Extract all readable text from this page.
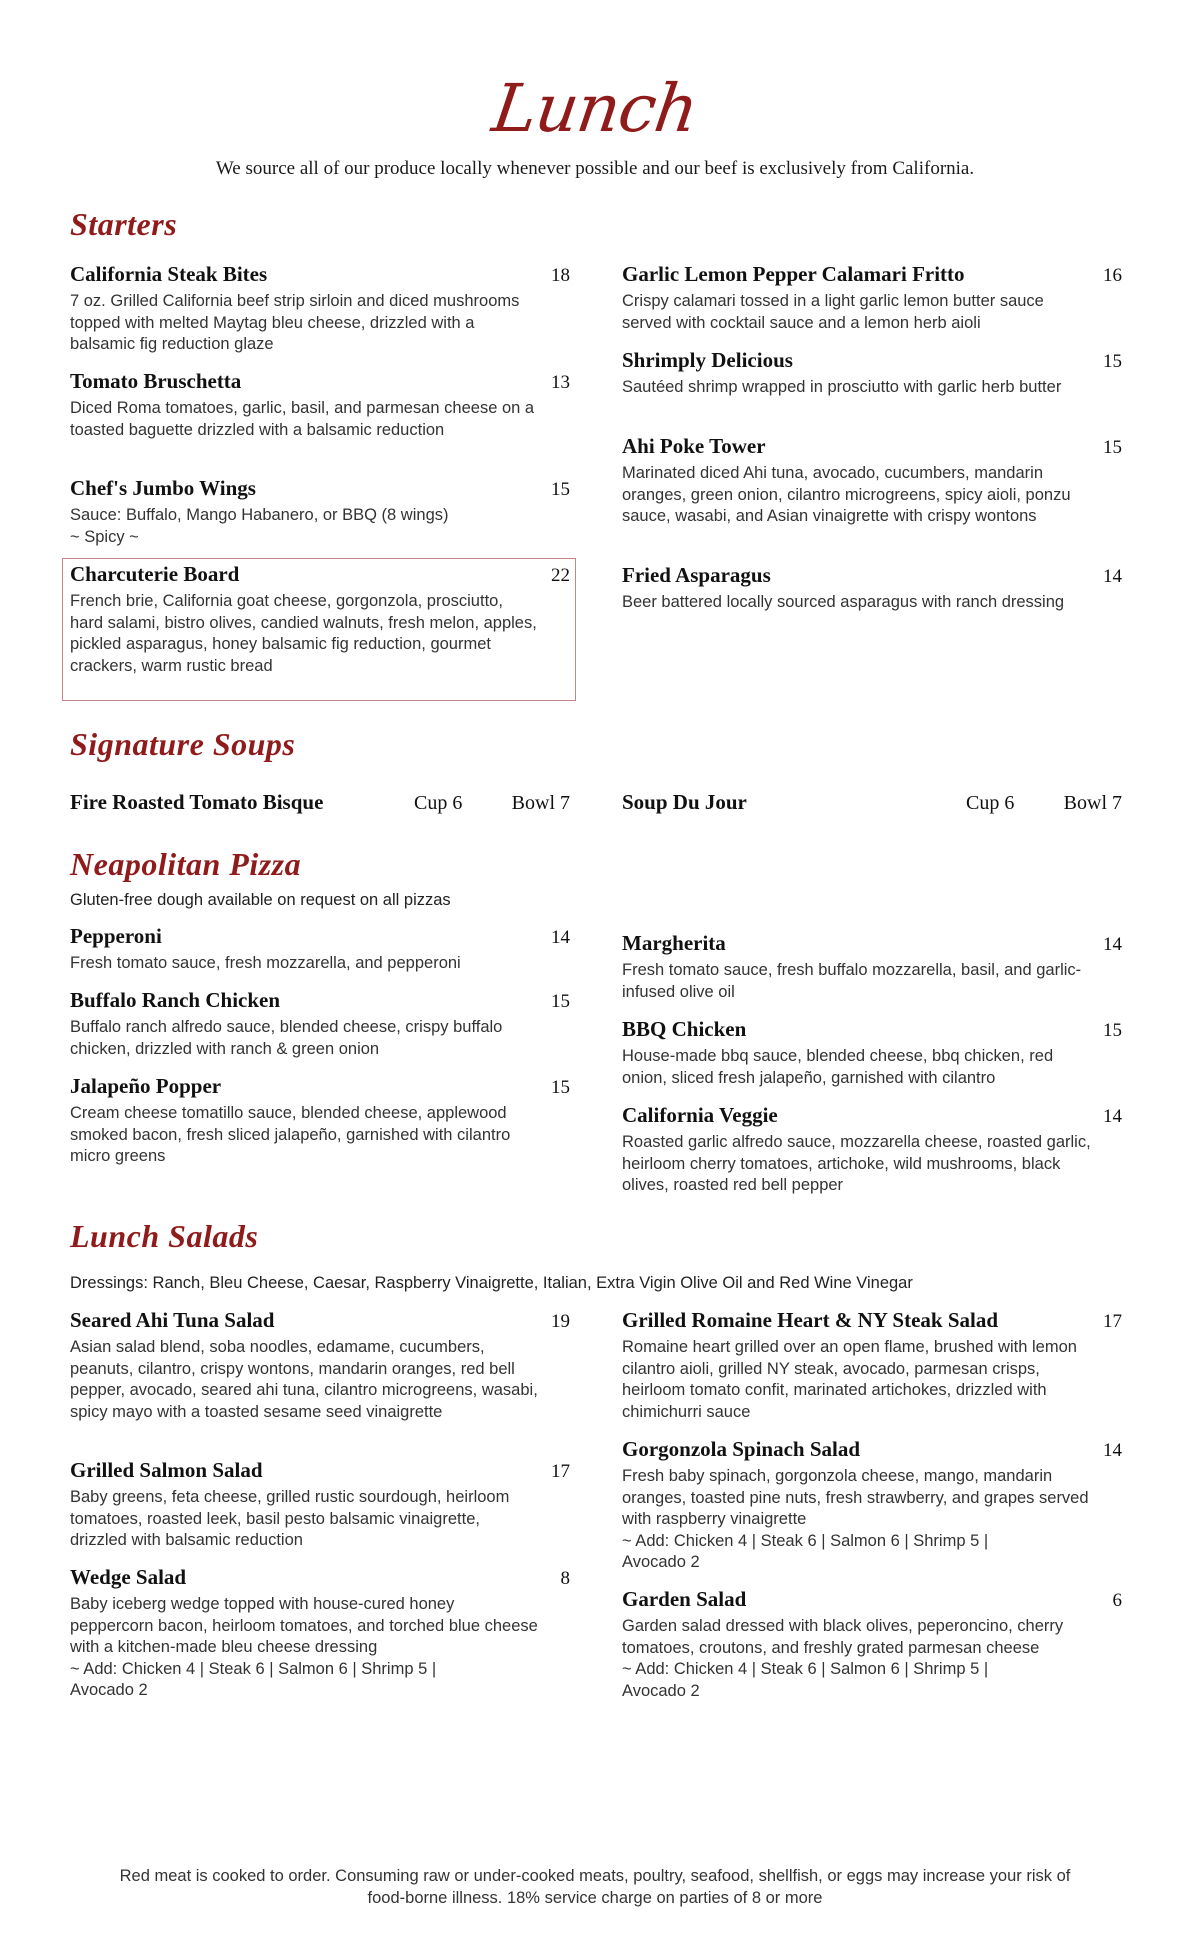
Lunch
We source all of our produce locally whenever possible and our beef is exclusively from California.
Starters
California Steak Bites	18
7 oz. Grilled California beef strip sirloin and diced mushrooms topped with melted Maytag bleu cheese, drizzled with a balsamic fig reduction glaze
Tomato Bruschetta	13
Diced Roma tomatoes, garlic, basil, and parmesan cheese on a toasted baguette drizzled with a balsamic reduction
Chef's Jumbo Wings	15
Sauce: Buffalo, Mango Habanero, or BBQ (8 wings)
~ Spicy ~
Charcuterie Board	22
French brie, California goat cheese, gorgonzola, prosciutto, hard salami, bistro olives, candied walnuts, fresh melon, apples, pickled asparagus, honey balsamic fig reduction, gourmet crackers, warm rustic bread
Garlic Lemon Pepper Calamari Fritto	16
Crispy calamari tossed in a light garlic lemon butter sauce served with cocktail sauce and a lemon herb aioli
Shrimply Delicious	15
Sautéed shrimp wrapped in prosciutto with garlic herb butter
Ahi Poke Tower	15
Marinated diced Ahi tuna, avocado, cucumbers, mandarin oranges, green onion, cilantro microgreens, spicy aioli, ponzu sauce, wasabi, and Asian vinaigrette with crispy wontons
Fried Asparagus	14
Beer battered locally sourced asparagus with ranch dressing
Signature Soups
Fire Roasted Tomato Bisque	Cup 6	Bowl 7 Soup Du Jour	Cup 6	Bowl 7
Neapolitan Pizza
Gluten-free dough available on request on all pizzas
Pepperoni	14
Fresh tomato sauce, fresh mozzarella, and pepperoni
Buffalo Ranch Chicken	15
Buffalo ranch alfredo sauce, blended cheese, crispy buffalo chicken, drizzled with ranch & green onion
Jalapeño Popper	15
Cream cheese tomatillo sauce, blended cheese, applewood smoked bacon, fresh sliced jalapeño, garnished with cilantro micro greens
Margherita	14
Fresh tomato sauce, fresh buffalo mozzarella, basil, and garlic-infused olive oil
BBQ Chicken	15
House-made bbq sauce, blended cheese, bbq chicken, red onion, sliced fresh jalapeño, garnished with cilantro
California Veggie	14
Roasted garlic alfredo sauce, mozzarella cheese, roasted garlic, heirloom cherry tomatoes, artichoke, wild mushrooms, black olives, roasted red bell pepper
Lunch Salads
Dressings: Ranch, Bleu Cheese, Caesar, Raspberry Vinaigrette, Italian, Extra Vigin Olive Oil and Red Wine Vinegar
Seared Ahi Tuna Salad	19
Asian salad blend, soba noodles, edamame, cucumbers, peanuts, cilantro, crispy wontons, mandarin oranges, red bell pepper, avocado, seared ahi tuna, cilantro microgreens, wasabi, spicy mayo with a toasted sesame seed vinaigrette
Grilled Salmon Salad	17
Baby greens, feta cheese, grilled rustic sourdough, heirloom tomatoes, roasted leek, basil pesto balsamic vinaigrette, drizzled with balsamic reduction
Wedge Salad	8
Baby iceberg wedge topped with house-cured honey peppercorn bacon, heirloom tomatoes, and torched blue cheese with a kitchen-made bleu cheese dressing
~ Add: Chicken 4 | Steak 6 | Salmon 6 | Shrimp 5 | Avocado 2
Grilled Romaine Heart & NY Steak Salad	17
Romaine heart grilled over an open flame, brushed with lemon cilantro aioli, grilled NY steak, avocado, parmesan crisps, heirloom tomato confit, marinated artichokes, drizzled with chimichurri sauce
Gorgonzola Spinach Salad	14
Fresh baby spinach, gorgonzola cheese, mango, mandarin oranges, toasted pine nuts, fresh strawberry, and grapes served with raspberry vinaigrette
~ Add: Chicken 4 | Steak 6 | Salmon 6 | Shrimp 5 | Avocado 2
Garden Salad	6
Garden salad dressed with black olives, peperoncino, cherry tomatoes, croutons, and freshly grated parmesan cheese
~ Add: Chicken 4 | Steak 6 | Salmon 6 | Shrimp 5 | Avocado 2
Red meat is cooked to order. Consuming raw or under-cooked meats, poultry, seafood, shellfish, or eggs may increase your risk of food-borne illness. 18% service charge on parties of 8 or more
